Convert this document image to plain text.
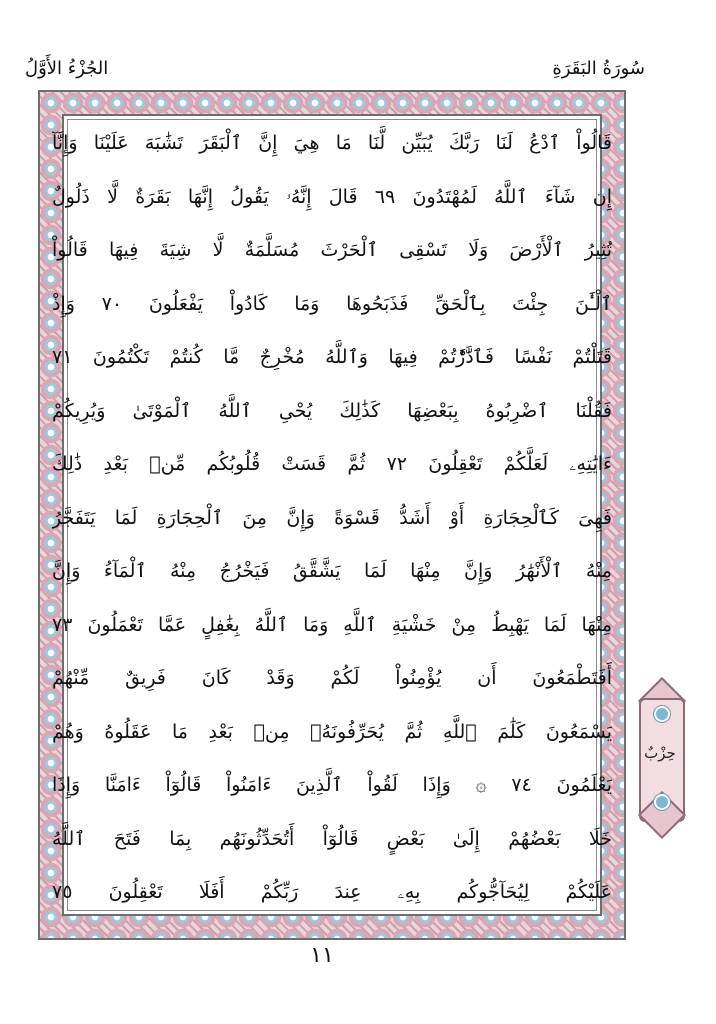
سُورَةُ البَقَرَةِ
الجُزْءُ الأَوَّلُ
قَالُواْ ٱدْعُ لَنَا رَبَّكَ يُبَيِّن لَّنَا مَا هِيَ إِنَّ ٱلْبَقَرَ تَشَٰبَهَ عَلَيْنَا وَإِنَّآ
إِن شَآءَ ٱللَّهُ لَمُهْتَدُونَ ٦٩ قَالَ إِنَّهُۥ يَقُولُ إِنَّهَا بَقَرَةٌ لَّا ذَلُولٌ
تُثِيرُ ٱلْأَرْضَ وَلَا تَسْقِى ٱلْحَرْثَ مُسَلَّمَةٌ لَّا شِيَةَ فِيهَا قَالُواْ
ٱلْـَٰٔنَ جِئْتَ بِٱلْحَقِّ فَذَبَحُوهَا وَمَا كَادُواْ يَفْعَلُونَ ٧٠ وَإِذْ
قَتَلْتُمْ نَفْسًا فَٱدَّٰرَْٰٔتُمْ فِيهَا وَٱللَّهُ مُخْرِجٌ مَّا كُنتُمْ تَكْتُمُونَ ٧١
فَقُلْنَا ٱضْرِبُوهُ بِبَعْضِهَا كَذَٰلِكَ يُحْىِ ٱللَّهُ ٱلْمَوْتَىٰ وَيُرِيكُمْ
ءَايَٰتِهِۦ لَعَلَّكُمْ تَعْقِلُونَ ٧٢ ثُمَّ قَسَتْ قُلُوبُكُم مِّنۢ بَعْدِ ذَٰلِكَ
فَهِىَ كَٱلْحِجَارَةِ أَوْ أَشَدُّ قَسْوَةً وَإِنَّ مِنَ ٱلْحِجَارَةِ لَمَا يَتَفَجَّرُ
مِنْهُ ٱلْأَنْهَٰرُ وَإِنَّ مِنْهَا لَمَا يَشَّقَّقُ فَيَخْرُجُ مِنْهُ ٱلْمَآءُ وَإِنَّ
مِنْهَا لَمَا يَهْبِطُ مِنْ خَشْيَةِ ٱللَّهِ وَمَا ٱللَّهُ بِغَٰفِلٍ عَمَّا تَعْمَلُونَ ٧٣
أَفَتَطْمَعُونَ أَن يُؤْمِنُواْ لَكُمْ وَقَدْ كَانَ فَرِيقٌ مِّنْهُمْ
يَسْمَعُونَ كَلَٰمَ ٱللَّهِ ثُمَّ يُحَرِّفُونَهُۥ مِنۢ بَعْدِ مَا عَقَلُوهُ وَهُمْ
يَعْلَمُونَ ٧٤ ۞ وَإِذَا لَقُواْ ٱلَّذِينَ ءَامَنُواْ قَالُوٓاْ ءَامَنَّا وَإِذَا
خَلَا بَعْضُهُمْ إِلَىٰ بَعْضٍ قَالُوٓاْ أَتُحَدِّثُونَهُم بِمَا فَتَحَ ٱللَّهُ
عَلَيْكُمْ لِيُحَآجُّوكُم بِهِۦ عِندَ رَبِّكُمْ أَفَلَا تَعْقِلُونَ ٧٥
حِزْبٌ
١١
